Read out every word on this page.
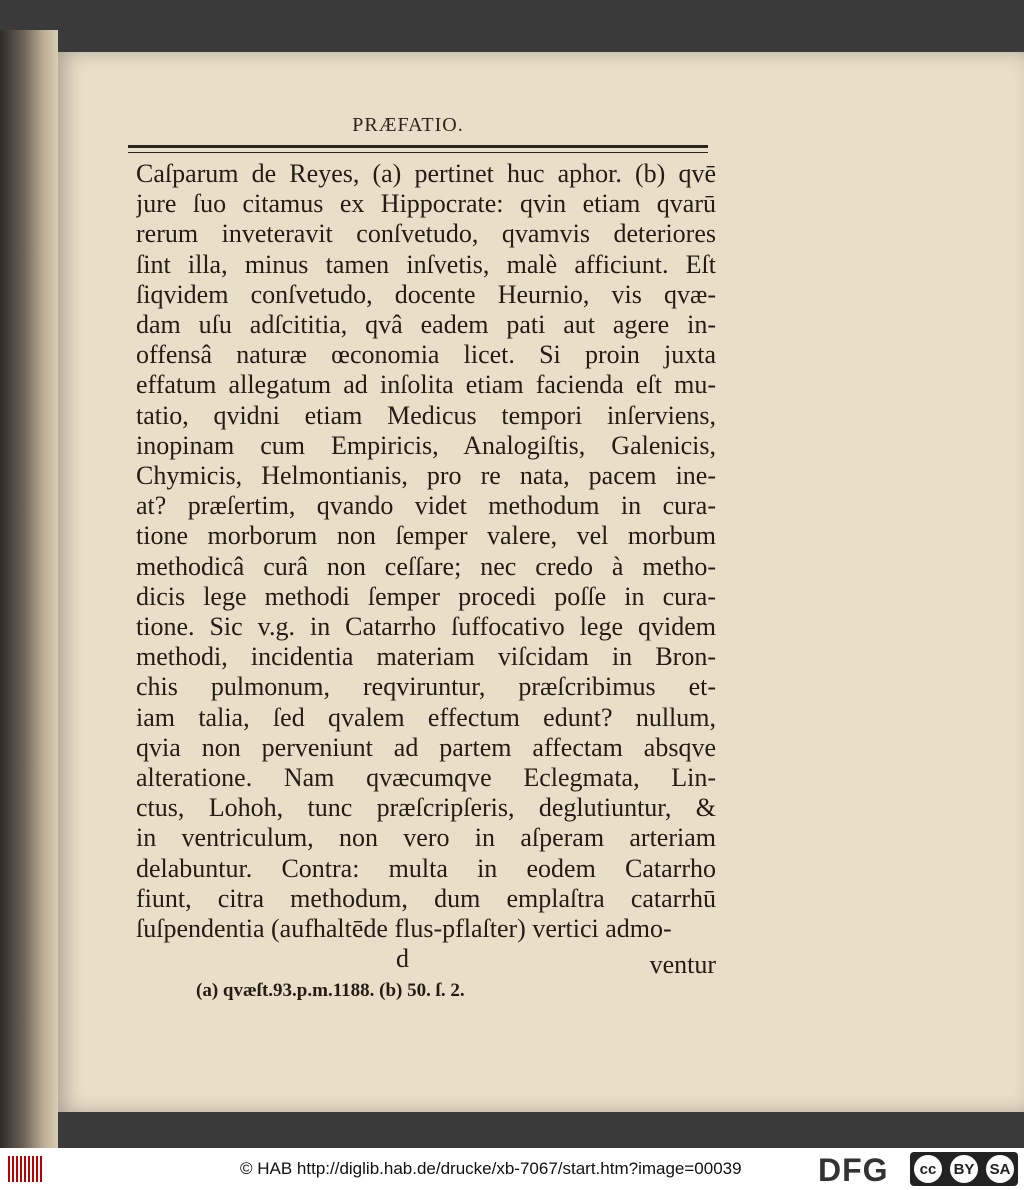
PRÆFATIO.
Caſparum de Reyes, (a) pertinet huc aphor. (b) qvē
jure ſuo citamus ex Hippocrate: qvin etiam qvarū
rerum inveteravit conſvetudo, qvamvis deteriores
ſint illa, minus tamen inſvetis, malè afficiunt. Eſt
ſiqvidem conſvetudo, docente Heurnio, vis qvæ-
dam uſu adſcititia, qvâ eadem pati aut agere in-
offensâ naturæ œconomia licet. Si proin juxta
effatum allegatum ad inſolita etiam facienda eſt mu-
tatio, qvidni etiam Medicus tempori inſerviens,
inopinam cum Empiricis, Analogiſtis, Galenicis,
Chymicis, Helmontianis, pro re nata, pacem ine-
at? præſertim, qvando videt methodum in cura-
tione morborum non ſemper valere, vel morbum
methodicâ curâ non ceſſare; nec credo à metho-
dicis lege methodi ſemper procedi poſſe in cura-
tione. Sic v.g. in Catarrho ſuffocativo lege qvidem
methodi, incidentia materiam viſcidam in Bron-
chis pulmonum, reqviruntur, præſcribimus et-
iam talia, ſed qvalem effectum edunt? nullum,
qvia non perveniunt ad partem affectam absqve
alteratione. Nam qvæcumqve Eclegmata, Lin-
ctus, Lohoh, tunc præſcripſeris, deglutiuntur, &
in ventriculum, non vero in aſperam arteriam
delabuntur. Contra: multa in eodem Catarrho
fiunt, citra methodum, dum emplaſtra catarrhū
ſuſpendentia (aufhaltēde flus-pflaſter) vertici admo-
d	ventur
(a) qvæſt.93.p.m.1188. (b) 50. ſ. 2.
© HAB http://diglib.hab.de/drucke/xb-7067/start.htm?image=00039 DFG	cc	BY SA
